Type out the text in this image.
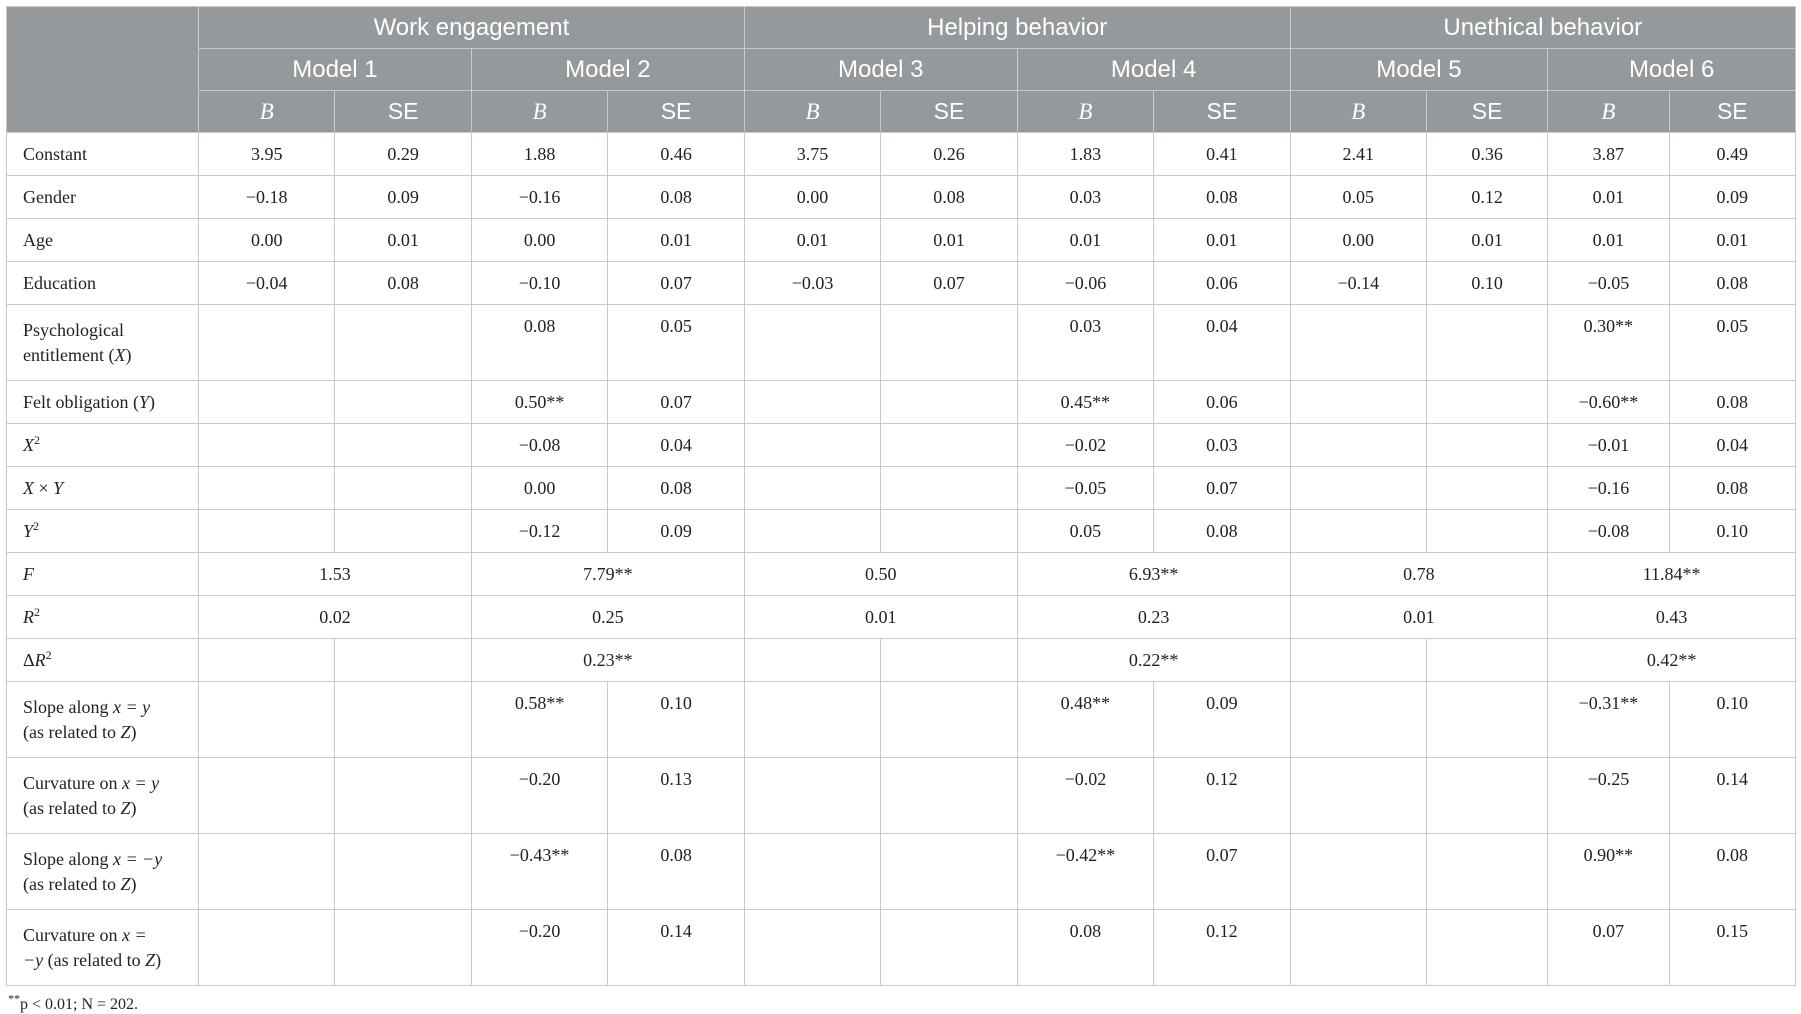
	Work engagement				Helping behavior				Unethical behavior			
	Model 1		Model 2		Model 3		Model 4		Model 5		Model 6	
	B	SE	B	SE	B	SE	B	SE	B	SE	B	SE
Constant	3.95	0.29	1.88	0.46	3.75	0.26	1.83	0.41	2.41	0.36	3.87	0.49
Gender	−0.18	0.09	−0.16	0.08	0.00	0.08	0.03	0.08	0.05	0.12	0.01	0.09
Age	0.00	0.01	0.00	0.01	0.01	0.01	0.01	0.01	0.00	0.01	0.01	0.01
Education	−0.04	0.08	−0.10	0.07	−0.03	0.07	−0.06	0.06	−0.14	0.10	−0.05	0.08
Psychological
entitlement (X)			0.08	0.05			0.03	0.04			0.30**	0.05
Felt obligation (Y)			0.50**	0.07			0.45**	0.06			−0.60**	0.08
$X^2$			−0.08	0.04			−0.02	0.03			−0.01	0.04
X × Y			0.00	0.08			−0.05	0.07			−0.16	0.08
$Y^2$			−0.12	0.09			0.05	0.08			−0.08	0.10
F	1.53		7.79**		0.50		6.93**		0.78		11.84**	
$R^2$	0.02		0.25		0.01		0.23		0.01		0.43	
$\Delta R^2$			0.23**				0.22**				0.42**	
Slope along x = y
(as related to Z)			0.58**	0.10			0.48**	0.09			−0.31**	0.10
Curvature on x = y
(as related to Z)			−0.20	0.13			−0.02	0.12			−0.25	0.14
Slope along x = −y
(as related to Z)			−0.43**	0.08			−0.42**	0.07			0.90**	0.08
Curvature on x =
−y (as related to Z)			−0.20	0.14			0.08	0.12			0.07	0.15
**p < 0.01; N = 202.
